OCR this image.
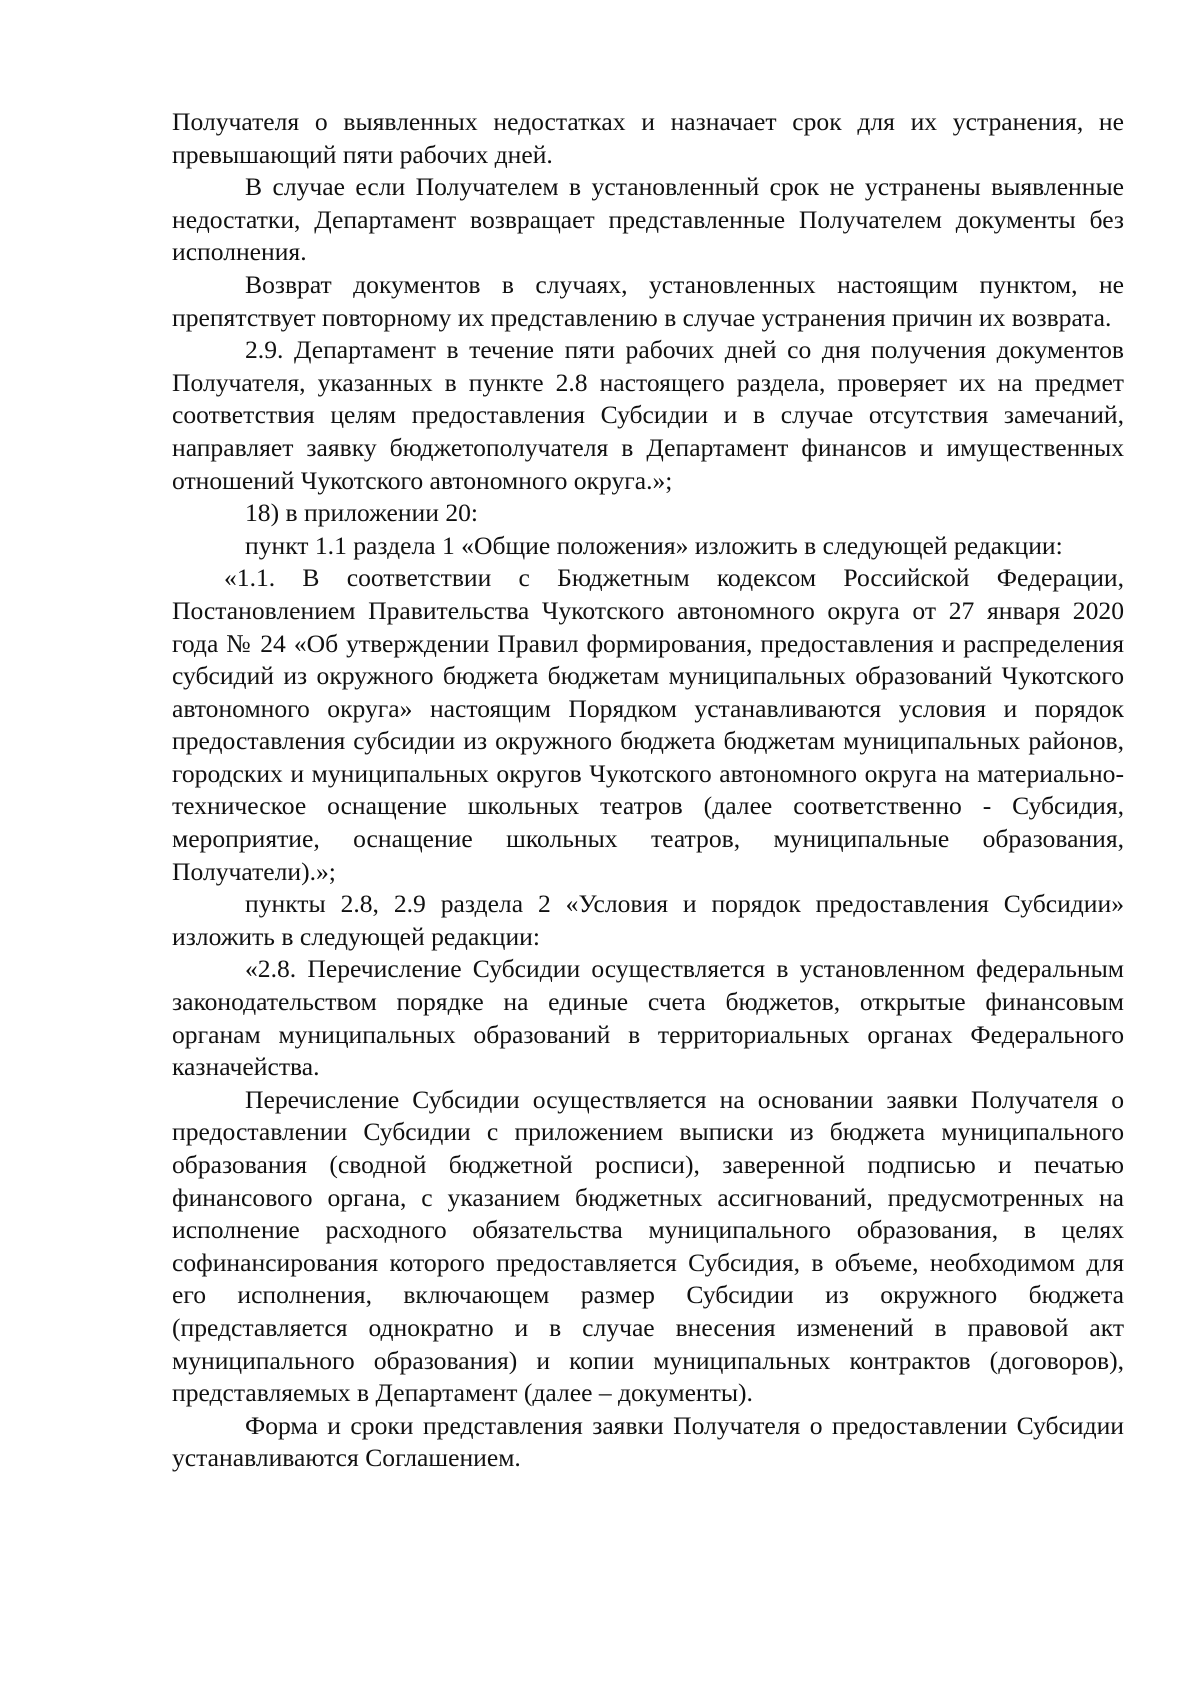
Получателя о выявленных недостатках и назначает срок для их устранения, не превышающий пяти рабочих дней.

В случае если Получателем в установленный срок не устранены выявленные недостатки, Департамент возвращает представленные Получателем документы без исполнения.

Возврат документов в случаях, установленных настоящим пунктом, не препятствует повторному их представлению в случае устранения причин их возврата.

2.9. Департамент в течение пяти рабочих дней со дня получения документов Получателя, указанных в пункте 2.8 настоящего раздела, проверяет их на предмет соответствия целям предоставления Субсидии и в случае отсутствия замечаний, направляет заявку бюджетополучателя в Департамент финансов и имущественных отношений Чукотского автономного округа.»;

18) в приложении 20:

пункт 1.1 раздела 1 «Общие положения» изложить в следующей редакции:

«1.1. В соответствии с Бюджетным кодексом Российской Федерации, Постановлением Правительства Чукотского автономного округа от 27 января 2020 года № 24 «Об утверждении Правил формирования, предоставления и распределения субсидий из окружного бюджета бюджетам муниципальных образований Чукотского автономного округа» настоящим Порядком устанавливаются условия и порядок предоставления субсидии из окружного бюджета бюджетам муниципальных районов, городских и муниципальных округов Чукотского автономного округа на материально-техническое оснащение школьных театров (далее соответственно - Субсидия, мероприятие, оснащение школьных театров, муниципальные образования, Получатели).»;

пункты 2.8, 2.9 раздела 2 «Условия и порядок предоставления Субсидии» изложить в следующей редакции:

«2.8. Перечисление Субсидии осуществляется в установленном федеральным законодательством порядке на единые счета бюджетов, открытые финансовым органам муниципальных образований в территориальных органах Федерального казначейства.

Перечисление Субсидии осуществляется на основании заявки Получателя о предоставлении Субсидии с приложением выписки из бюджета муниципального образования (сводной бюджетной росписи), заверенной подписью и печатью финансового органа, с указанием бюджетных ассигнований, предусмотренных на исполнение расходного обязательства муниципального образования, в целях софинансирования которого предоставляется Субсидия, в объеме, необходимом для его исполнения, включающем размер Субсидии из окружного бюджета (представляется однократно и в случае внесения изменений в правовой акт муниципального образования) и копии муниципальных контрактов (договоров), представляемых в Департамент (далее – документы).

Форма и сроки представления заявки Получателя о предоставлении Субсидии устанавливаются Соглашением.
